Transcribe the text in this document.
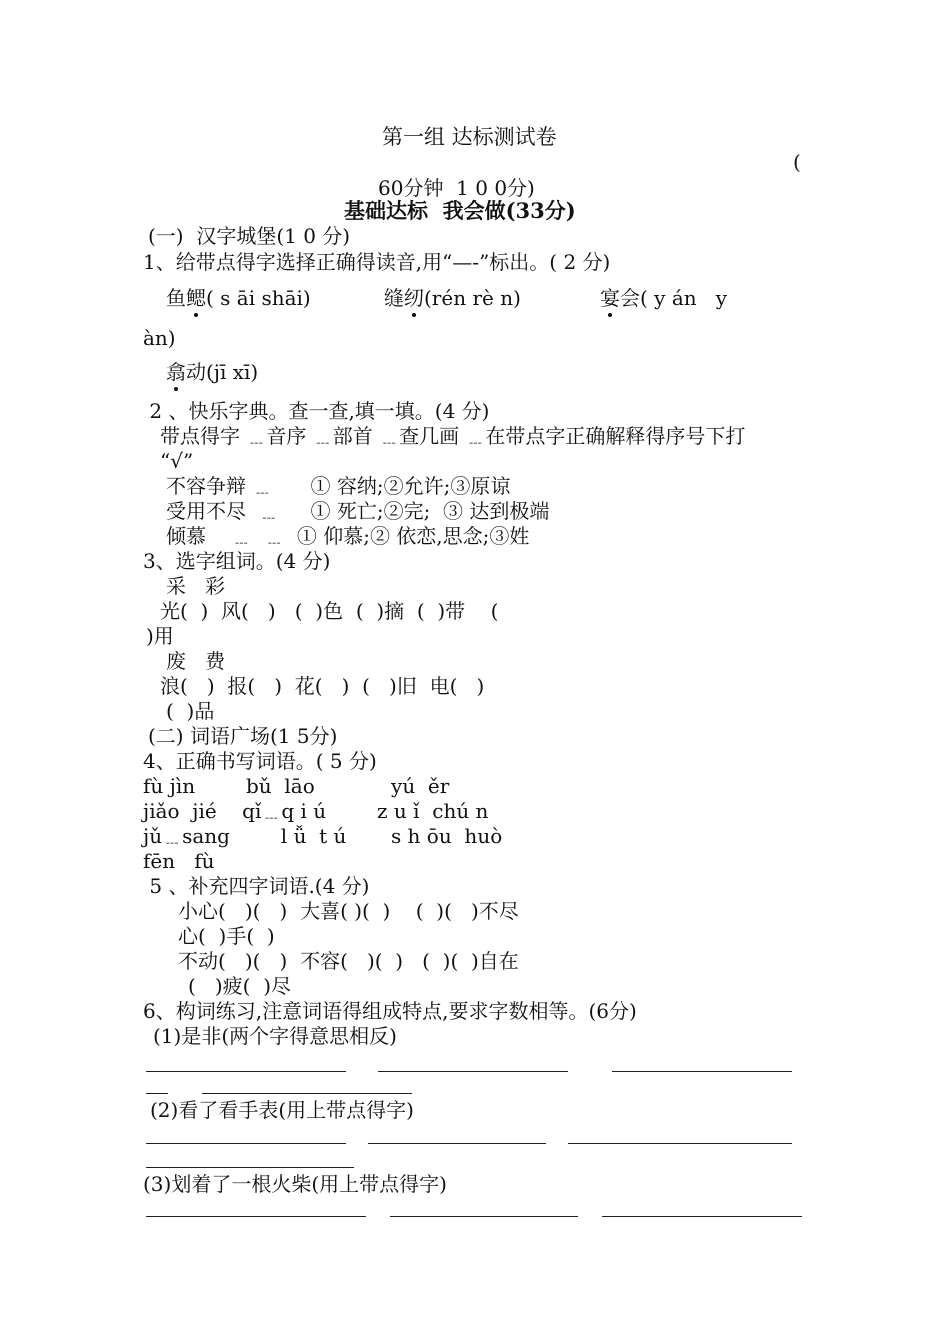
第一组 达标测试卷
(
60分钟  1 0 0分)
基础达标  我会做(33分)
(一)  汉字城堡(1 0 分)
1、给带点得字选择正确得读音,用“—-”标出。( 2 分)
鱼鳃( s āi shāi)	缝纫(rén rè n)	宴会( y án   y
àn)
翕动(jī xī)
2 、快乐字典。查一查,填一填。(4 分)
带点得字 ﹍音序 ﹍部首 ﹍查几画 ﹍在带点字正确解释得序号下打
“√”
不容争辩 ﹍      ① 容纳;②允许;③原谅
受用不尽  ﹍     ① 死亡;②完;  ③ 达到极端
倾慕    ﹍  ﹍  ① 仰慕;② 依恋,思念;③姓
3、选字组词。(4 分)
采   彩
光(  )  风(   )   (  )色  (  )摘  (  )带    (
)用
废   费
浪(   )  报(   )  花(   )  (   )旧  电(   )
(  )品
(二) 词语广场(1 5分)
4、正确书写词语。( 5 分)
fù jìn        bǔ  lāo            yú  ěr
jiǎo  jié    qǐ﹍q i ú        z u ǐ  chú n
jǔ﹍sang        l ǚ  t ú       s h ōu  huò
fēn   fù
5 、补充四字词语.(4 分)
小心(   )(   )  大喜( )(  )    (  )(   )不尽
心(  )手(  )
不动(   )(   )  不容(   )(  )   (  )(  )自在
(   )疲(  )尽
6、构词练习,注意词语得组成特点,要求字数相等。(6分)
(1)是非(两个字得意思相反)
(2)看了看手表(用上带点得字)
(3)划着了一根火柴(用上带点得字)
